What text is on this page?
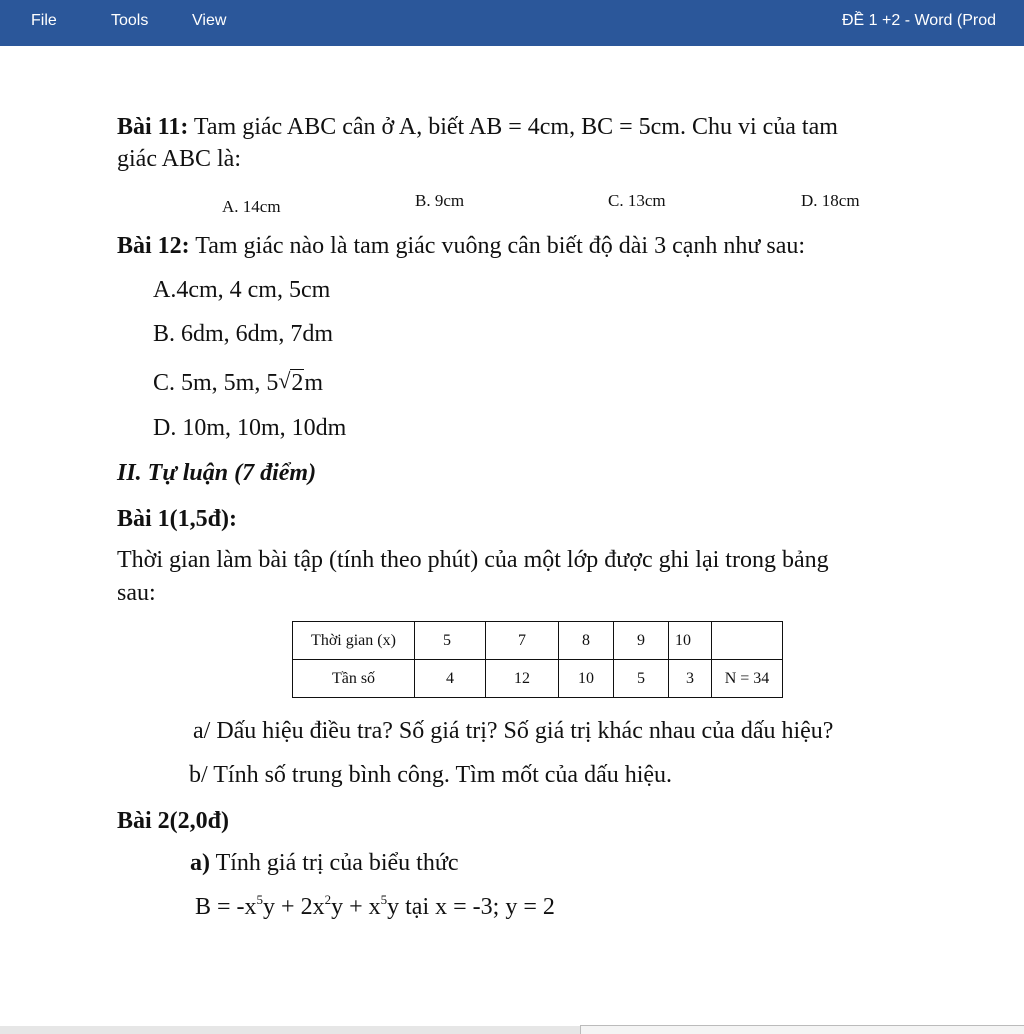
File	Tools	View	ĐỀ 1 +2 - Word (Prod
Bài 11: Tam giác ABC cân ở A, biết AB = 4cm, BC = 5cm. Chu vi của tam
giác ABC là:
A. 14cm	B. 9cm	C. 13cm	D. 18cm
Bài 12: Tam giác nào là tam giác vuông cân biết độ dài 3 cạnh như sau:
A.4cm, 4 cm, 5cm
B. 6dm, 6dm, 7dm
C. 5m, 5m, 5 √ 2m
D. 10m, 10m, 10dm
II. Tự luận (7 điểm)
Bài 1(1,5đ):
Thời gian làm bài tập (tính theo phút) của một lớp được ghi lại trong bảng
sau:
Thời gian (x)	5	7	8	9	10	
Tần số	4	12	10	5	3	N = 34
a/ Dấu hiệu điều tra? Số giá trị? Số giá trị khác nhau của dấu hiệu?
b/ Tính số trung bình công. Tìm mốt của dấu hiệu.
Bài 2(2,0đ)
a) Tính giá trị của biểu thức
$B = -x^5y + 2x^2y + x^5y$ tại x = -3; y = 2
